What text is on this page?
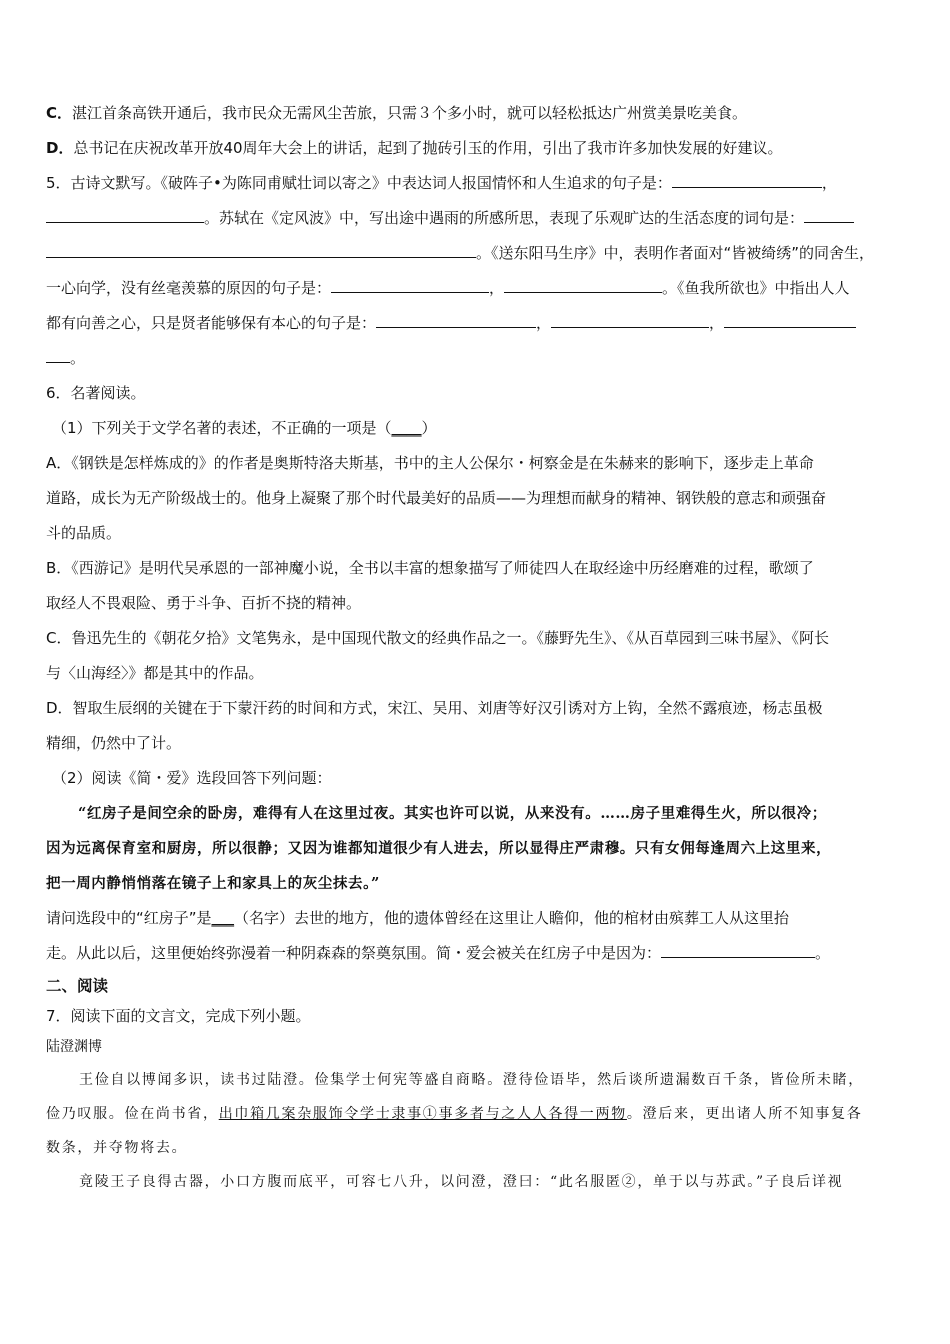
C．湛江首条高铁开通后，我市民众无需风尘苦旅，只需３个多小时，就可以轻松抵达广州赏美景吃美食。
D．总书记在庆祝改革开放40周年大会上的讲话，起到了抛砖引玉的作用，引出了我市许多加快发展的好建议。
5．古诗文默写。《破阵子•为陈同甫赋壮词以寄之》中表达词人报国情怀和人生追求的句子是：	，
。苏轼在《定风波》中，写出途中遇雨的所感所思，表现了乐观旷达的生活态度的词句是：
。《送东阳马生序》中，表明作者面对“皆被绮绣”的同舍生，
一心向学，没有丝毫羡慕的原因的句子是：	，	。《鱼我所欲也》中指出人人
都有向善之心，只是贤者能够保有本心的句子是：	，	，
。
6．名著阅读。
（1）下列关于文学名著的表述，不正确的一项是（____）
A．《钢铁是怎样炼成的》的作者是奥斯特洛夫斯基，书中的主人公保尔・柯察金是在朱赫来的影响下，逐步走上革命
道路，成长为无产阶级战士的。他身上凝聚了那个时代最美好的品质——为理想而献身的精神、钢铁般的意志和顽强奋
斗的品质。
B．《西游记》是明代吴承恩的一部神魔小说，全书以丰富的想象描写了师徒四人在取经途中历经磨难的过程，歌颂了
取经人不畏艰险、勇于斗争、百折不挠的精神。
C．鲁迅先生的《朝花夕拾》文笔隽永，是中国现代散文的经典作品之一。《藤野先生》、《从百草园到三味书屋》、《阿长
与〈山海经〉》都是其中的作品。
D．智取生辰纲的关键在于下蒙汗药的时间和方式，宋江、吴用、刘唐等好汉引诱对方上钩，全然不露痕迹，杨志虽极
精细，仍然中了计。
（2）阅读《简・爱》选段回答下列问题：
“红房子是间空余的卧房，难得有人在这里过夜。其实也许可以说，从来没有。……房子里难得生火，所以很冷；
因为远离保育室和厨房，所以很静；又因为谁都知道很少有人进去，所以显得庄严肃穆。只有女佣每逢周六上这里来，
把一周内静悄悄落在镜子上和家具上的灰尘抹去。”
请问选段中的“红房子”是___（名字）去世的地方，他的遗体曾经在这里让人瞻仰，他的棺材由殡葬工人从这里抬
走。从此以后，这里便始终弥漫着一种阴森森的祭奠氛围。简・爱会被关在红房子中是因为：	。
二、阅读
7．阅读下面的文言文，完成下列小题。
陆澄渊博
王俭自以博闻多识，读书过陆澄。俭集学士何宪等盛自商略。澄待俭语毕，然后谈所遗漏数百千条，皆俭所未睹，
俭乃叹服。俭在尚书省，出巾箱几案杂服饰令学士隶事①事多者与之人人各得一两物。澄后来，更出诸人所不知事复各
数条，并夺物将去。
竟陵王子良得古器，小口方腹而底平，可容七八升，以问澄，澄曰：“此名服匿②，单于以与苏武。”子良后详视
